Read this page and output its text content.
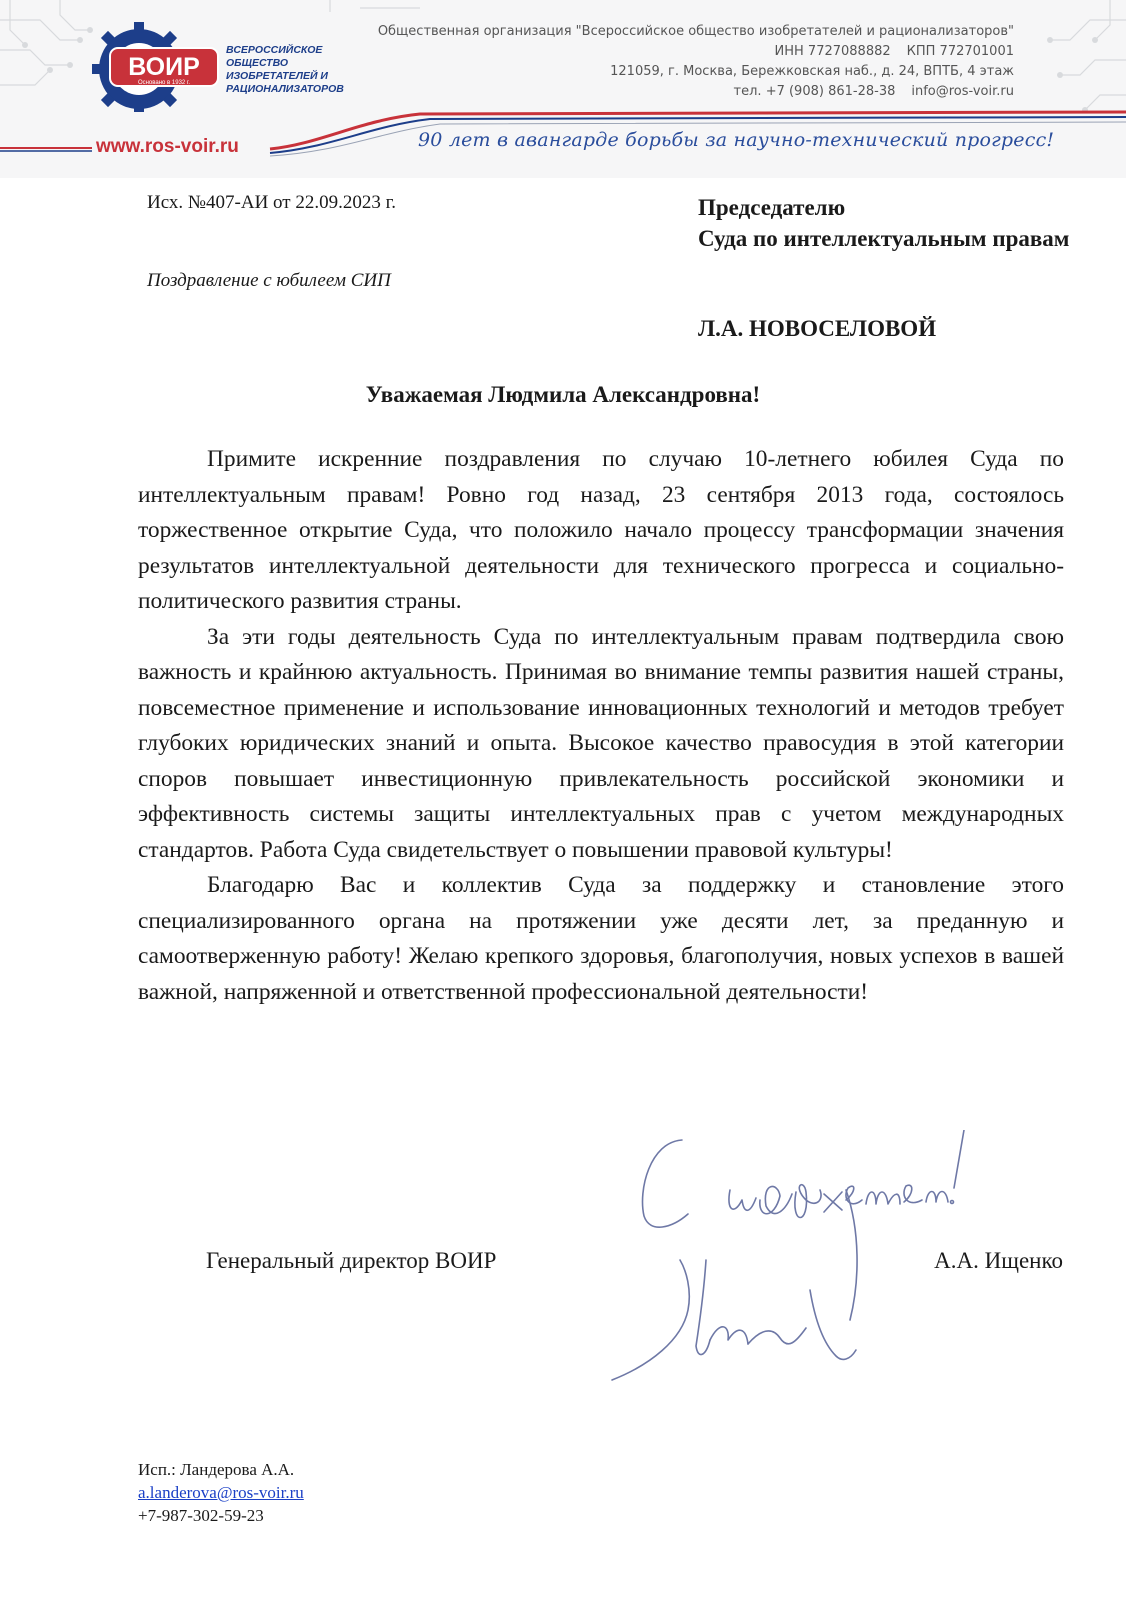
ВОИР
Основано в 1932 г.
ВСЕРОССИЙСКОЕ ОБЩЕСТВО ИЗОБРЕТАТЕЛЕЙ И РАЦИОНАЛИЗАТОРОВ
Общественная организация "Всероссийское общество изобретателей и рационализаторов"
ИНН 7727088882 КПП 772701001
121059, г. Москва, Бережковская наб., д. 24, ВПТБ, 4 этаж
тел. +7 (908) 861-28-38 info@ros-voir.ru
www.ros-voir.ru	90 лет в авангарде борьбы за научно-технический прогресс!
Исх. №407-АИ от 22.09.2023 г.
Поздравление с юбилеем СИП
Председателю
Суда по интеллектуальным правам
Л.А. НОВОСЕЛОВОЙ
Уважаемая Людмила Александровна!

Примите искренние поздравления по случаю 10-летнего юбилея Суда по интеллектуальным правам! Ровно год назад, 23 сентября 2013 года, состоялось торжественное открытие Суда, что положило начало процессу трансформации значения результатов интеллектуальной деятельности для технического прогресса и социально-политического развития страны.

За эти годы деятельность Суда по интеллектуальным правам подтвердила свою важность и крайнюю актуальность. Принимая во внимание темпы развития нашей страны, повсеместное применение и использование инновационных технологий и методов требует глубоких юридических знаний и опыта. Высокое качество правосудия в этой категории споров повышает инвестиционную привлекательность российской экономики и эффективность системы защиты интеллектуальных прав с учетом международных стандартов. Работа Суда свидетельствует о повышении правовой культуры!

Благодарю Вас и коллектив Суда за поддержку и становление этого специализированного органа на протяжении уже десяти лет, за преданную и самоотверженную работу! Желаю крепкого здоровья, благополучия, новых успехов в вашей важной, напряженной и ответственной профессиональной деятельности!

Генеральный директор ВОИР	А.А. Ищенко
Исп.: Ландерова А.А.
a.landerova@ros-voir.ru
+7-987-302-59-23
